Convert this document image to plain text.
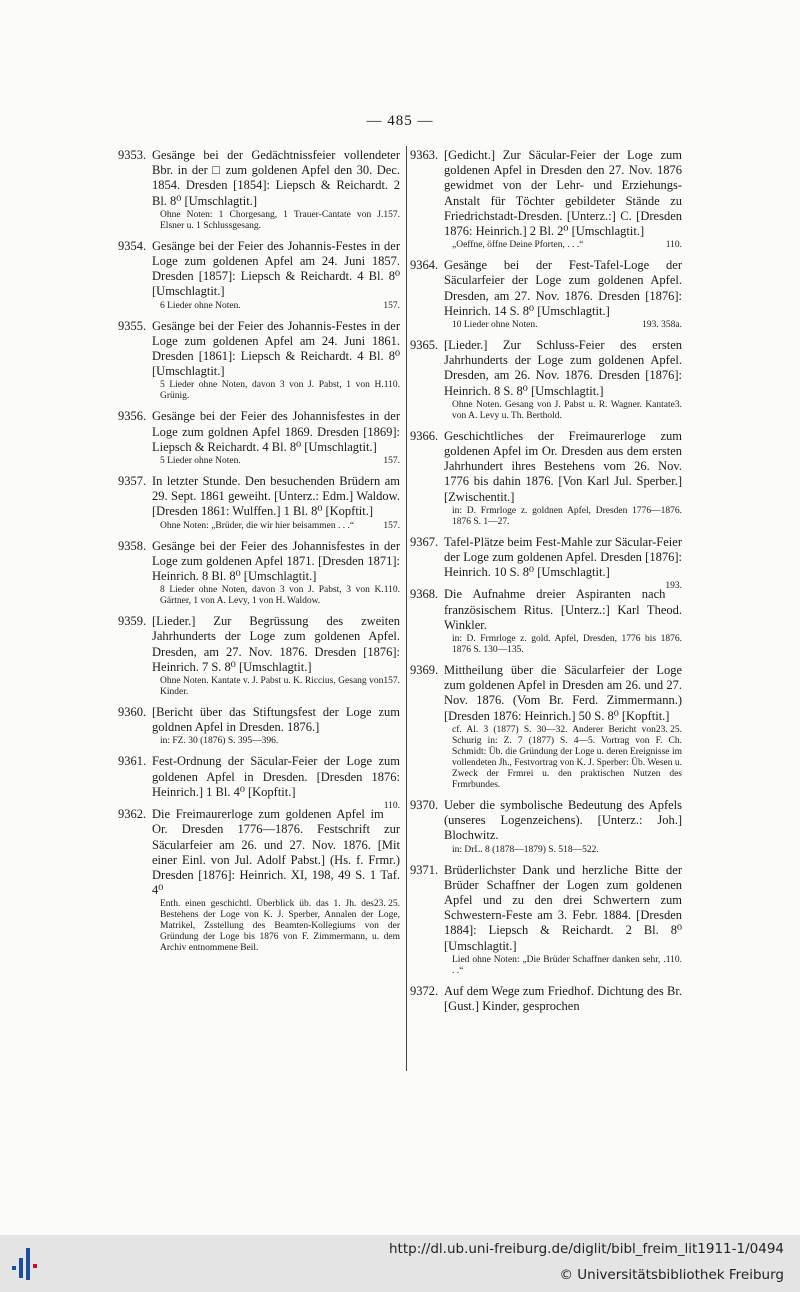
— 485 —
9353. Gesänge bei der Gedächtnissfeier vollendeter Bbr. in der □ zum goldenen Apfel den 30. Dec. 1854. Dresden [1854]: Liepsch & Reichardt. 2 Bl. 8⁰ [Umschlagtit.]
157.
Ohne Noten: 1 Chorgesang, 1 Trauer-Cantate von J. Elsner u. 1 Schlussgesang.
9354. Gesänge bei der Feier des Johannis-Festes in der Loge zum goldenen Apfel am 24. Juni 1857. Dresden [1857]: Liepsch & Reichardt. 4 Bl. 8⁰ [Umschlagtit.]
157.
6 Lieder ohne Noten.
9355. Gesänge bei der Feier des Johannis-Festes in der Loge zum goldenen Apfel am 24. Juni 1861. Dresden [1861]: Liepsch & Reichardt. 4 Bl. 8⁰ [Umschlagtit.]
110.
5 Lieder ohne Noten, davon 3 von J. Pabst, 1 von H. Grünig.
9356. Gesänge bei der Feier des Johannisfestes in der Loge zum goldnen Apfel 1869. Dresden [1869]: Liepsch & Reichardt. 4 Bl. 8⁰ [Umschlagtit.]
157.
5 Lieder ohne Noten.
9357. In letzter Stunde. Den besuchenden Brüdern am 29. Sept. 1861 geweiht. [Unterz.: Edm.] Waldow. [Dresden 1861: Wulffen.] 1 Bl. 8⁰ [Kopftit.]
157.
Ohne Noten: „Brüder, die wir hier beisammen . . .“
9358. Gesänge bei der Feier des Johannisfestes in der Loge zum goldenen Apfel 1871. [Dresden 1871]: Heinrich. 8 Bl. 8⁰ [Umschlagtit.]
110.
8 Lieder ohne Noten, davon 3 von J. Pabst, 3 von K. Gärtner, 1 von A. Levy, 1 von H. Waldow.
9359. [Lieder.] Zur Begrüssung des zweiten Jahrhunderts der Loge zum goldenen Apfel. Dresden, am 27. Nov. 1876. Dresden [1876]: Heinrich. 7 S. 8⁰ [Umschlagtit.]
157.
Ohne Noten. Kantate v. J. Pabst u. K. Riccius, Gesang von Kinder.
9360. [Bericht über das Stiftungsfest der Loge zum goldnen Apfel in Dresden. 1876.]
in: FZ. 30 (1876) S. 395—396.
9361. Fest-Ordnung der Säcular-Feier der Loge zum goldenen Apfel in Dresden. [Dresden 1876: Heinrich.] 1 Bl. 4⁰ [Kopftit.]
110.
9362. Die Freimaurerloge zum goldenen Apfel im Or. Dresden 1776—1876. Festschrift zur Säcularfeier am 26. und 27. Nov. 1876. [Mit einer Einl. von Jul. Adolf Pabst.] (Hs. f. Frmr.) Dresden [1876]: Heinrich. XI, 198, 49 S. 1 Taf. 4⁰
23. 25.
Enth. einen geschichtl. Überblick üb. das 1. Jh. des Bestehens der Loge von K. J. Sperber, Annalen der Loge, Matrikel, Zsstellung des Beamten-Kollegiums von der Gründung der Loge bis 1876 von F. Zimmermann, u. dem Archiv entnommene Beil.
9363. [Gedicht.] Zur Säcular-Feier der Loge zum goldenen Apfel in Dresden den 27. Nov. 1876 gewidmet von der Lehr- und Erziehungs-Anstalt für Töchter gebildeter Stände zu Friedrichstadt-Dresden. [Unterz.:] C. [Dresden 1876: Heinrich.] 2 Bl. 2⁰ [Umschlagtit.]
110.
„Oeffne, öffne Deine Pforten, . . .“
9364. Gesänge bei der Fest-Tafel-Loge der Säcularfeier der Loge zum goldenen Apfel. Dresden, am 27. Nov. 1876. Dresden [1876]: Heinrich. 14 S. 8⁰ [Umschlagtit.]
193. 358a.
10 Lieder ohne Noten.
9365. [Lieder.] Zur Schluss-Feier des ersten Jahrhunderts der Loge zum goldenen Apfel. Dresden, am 26. Nov. 1876. Dresden [1876]: Heinrich. 8 S. 8⁰ [Umschlagtit.]
3.
Ohne Noten. Gesang von J. Pabst u. R. Wagner. Kantate von A. Levy u. Th. Berthold.
9366. Geschichtliches der Freimaurerloge zum goldenen Apfel im Or. Dresden aus dem ersten Jahrhundert ihres Bestehens vom 26. Nov. 1776 bis dahin 1876. [Von Karl Jul. Sperber.] [Zwischentit.]
in: D. Frmrloge z. goldnen Apfel, Dresden 1776—1876. 1876 S. 1—27.
9367. Tafel-Plätze beim Fest-Mahle zur Säcular-Feier der Loge zum goldenen Apfel. Dresden [1876]: Heinrich. 10 S. 8⁰ [Umschlagtit.]
193.
9368. Die Aufnahme dreier Aspiranten nach französischem Ritus. [Unterz.:] Karl Theod. Winkler.
in: D. Frmrloge z. gold. Apfel, Dresden, 1776 bis 1876. 1876 S. 130—135.
9369. Mittheilung über die Säcularfeier der Loge zum goldenen Apfel in Dresden am 26. und 27. Nov. 1876. (Vom Br. Ferd. Zimmermann.) [Dresden 1876: Heinrich.] 50 S. 8⁰ [Kopftit.]
23. 25.
cf. Al. 3 (1877) S. 30—32. Anderer Bericht von Schurig in: Z. 7 (1877) S. 4—5. Vortrag von F. Ch. Schmidt: Üb. die Gründung der Loge u. deren Ereignisse im vollendeten Jh., Festvortrag von K. J. Sperber: Üb. Wesen u. Zweck der Frmrei u. den praktischen Nutzen des Frmrbundes.
9370. Ueber die symbolische Bedeutung des Apfels (unseres Logenzeichens). [Unterz.: Joh.] Blochwitz.
in: DrL. 8 (1878—1879) S. 518—522.
9371. Brüderlichster Dank und herzliche Bitte der Brüder Schaffner der Logen zum goldenen Apfel und zu den drei Schwertern zum Schwestern-Feste am 3. Febr. 1884. [Dresden 1884]: Liepsch & Reichardt. 2 Bl. 8⁰ [Umschlagtit.]
110.
Lied ohne Noten: „Die Brüder Schaffner danken sehr, . . .“
9372. Auf dem Wege zum Friedhof. Dichtung des Br. [Gust.] Kinder, gesprochen
http://dl.ub.uni-freiburg.de/diglit/bibl_freim_lit1911-1/0494
© Universitätsbibliothek Freiburg
